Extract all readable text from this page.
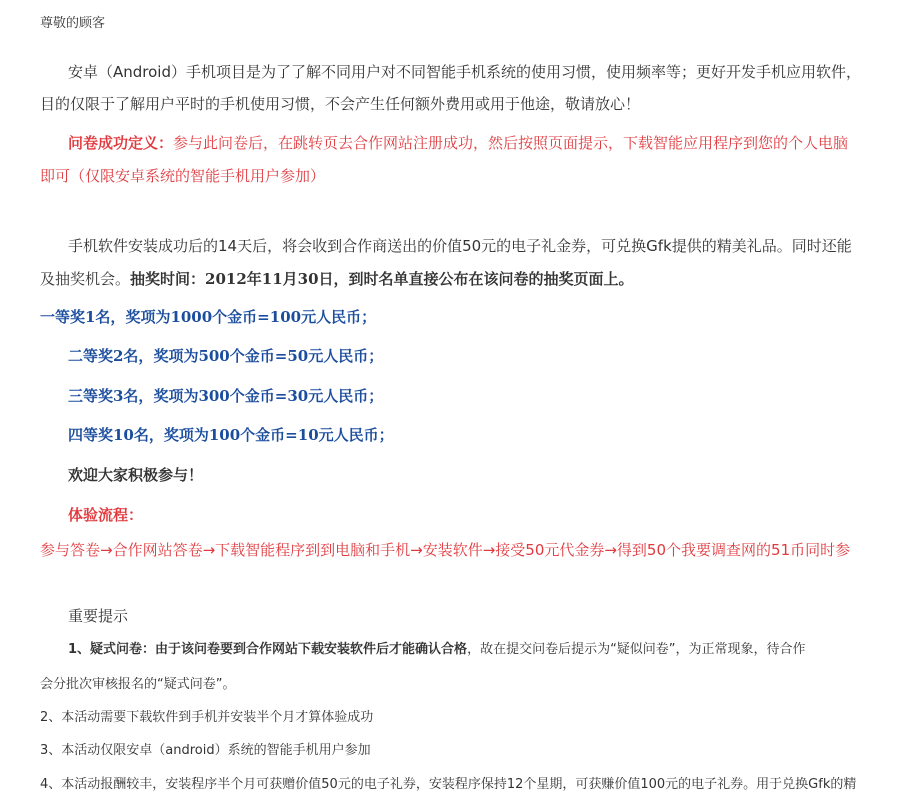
尊敬的顾客
安卓（Android）手机项目是为了了解不同用户对不同智能手机系统的使用习惯，使用频率等；更好开发手机应用软件，
目的仅限于了解用户平时的手机使用习惯，不会产生任何额外费用或用于他途，敬请放心！
问卷成功定义：参与此问卷后，在跳转页去合作网站注册成功，然后按照页面提示，下载智能应用程序到您的个人电脑
即可（仅限安卓系统的智能手机用户参加）
手机软件安装成功后的14天后，将会收到合作商送出的价值50元的电子礼金券，可兑换Gfk提供的精美礼品。同时还能
及抽奖机会。抽奖时间：2012年11月30日，到时名单直接公布在该问卷的抽奖页面上。
一等奖1名，奖项为1000个金币=100元人民币；
二等奖2名，奖项为500个金币=50元人民币；
三等奖3名，奖项为300个金币=30元人民币；
四等奖10名，奖项为100个金币=10元人民币；
欢迎大家积极参与！
体验流程：
参与答卷→合作网站答卷→下载智能程序到到电脑和手机→安装软件→接受50元代金券→得到50个我要调查网的51币同时参
重要提示
1、疑式问卷：由于该问卷要到合作网站下载安装软件后才能确认合格，故在提交问卷后提示为“疑似问卷”，为正常现象，待合作
会分批次审核报名的“疑式问卷”。
2、本活动需要下载软件到手机并安装半个月才算体验成功
3、本活动仅限安卓（android）系统的智能手机用户参加
4、本活动报酬较丰，安装程序半个月可获赠价值50元的电子礼券，安装程序保持12个星期，可获赚价值100元的电子礼券。用于兑换Gfk的精
